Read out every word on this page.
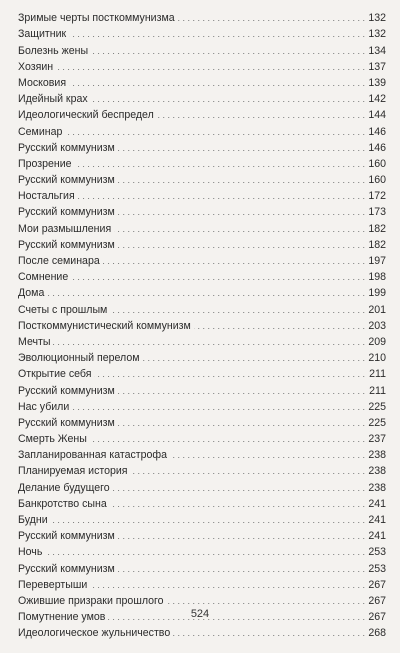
Зримые черты посткоммунизма . . .	132
Защитник . . .	132
Болезнь жены . . .	134
Хозяин . . .	137
Московия . . .	139
Идейный крах . . .	142
Идеологический беспредел . . .	144
Семинар . . .	146
Русский коммунизм . . .	146
Прозрение . . .	160
Русский коммунизм . . .	160
Ностальгия . . .	172
Русский коммунизм . . .	173
Мои размышления . . .	182
Русский коммунизм . . .	182
После семинара . . .	197
Сомнение . . .	198
Дома . . .	199
Счеты с прошлым . . .	201
Посткоммунистический коммунизм . . .	203
Мечты . . .	209
Эволюционный перелом . . .	210
Открытие себя . . .	211
Русский коммунизм . . .	211
Нас убили . . .	225
Русский коммунизм . . .	225
Смерть Жены . . .	237
Запланированная катастрофа . . .	238
Планируемая история . . .	238
Делание будущего . . .	238
Банкротство сына . . .	241
Будни . . .	241
Русский коммунизм . . .	241
Ночь . . .	253
Русский коммунизм . . .	253
Перевертыши . . .	267
Ожившие призраки прошлого . . .	267
Помутнение умов . . .	267
Идеологическое жульничество . . .	268
524
